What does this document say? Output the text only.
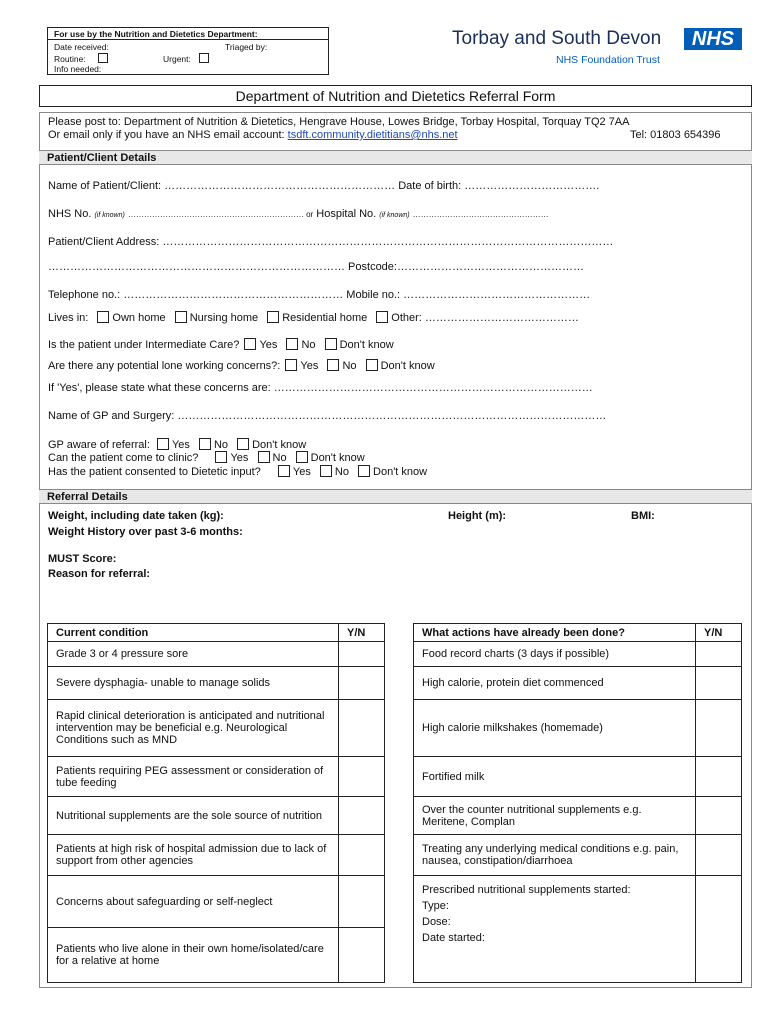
For use by the Nutrition and Dietetics Department:
Date received:	Triaged by:
Routine:	Urgent:
Info needed:
Torbay and South Devon	NHS
NHS Foundation Trust
Department of Nutrition and Dietetics Referral Form
Please post to: Department of Nutrition & Dietetics, Hengrave House, Lowes Bridge, Torbay Hospital, Torquay TQ2 7AA
Or email only if you have an NHS email account: tsdft.community.dietitians@nhs.net	Tel: 01803 654396
Patient/Client Details
Name of Patient/Client: ……………………………………………………… Date of birth: ……………………………….
NHS No. (if known) ………………………………………………………… or Hospital No. (if known) ……………………………………………
Patient/Client Address: ……………………………………………………………………………………………………………
……………………………………………………………………… Postcode:……………………………………………
Telephone no.: …………………………………………………… Mobile no.: ……………………………………………
Lives in: Own home Nursing home Residential home Other: ……………………………………
Is the patient under Intermediate Care? Yes No Don't know
Are there any potential lone working concerns?: Yes No Don't know
If 'Yes', please state what these concerns are: ……………………………………………………………………………
Name of GP and Surgery: ………………………………………………………………………………………………………
GP aware of referral: Yes No Don't know
Can the patient come to clinic?	Yes No Don't know
Has the patient consented to Dietetic input?	Yes No Don't know
Referral Details
Weight, including date taken (kg):	Height (m):	BMI:
Weight History over past 3-6 months:
MUST Score:
Reason for referral:
Current condition	Y/N
Grade 3 or 4 pressure sore	
Severe dysphagia- unable to manage solids	
Rapid clinical deterioration is anticipated and nutritional intervention may be beneficial e.g. Neurological Conditions such as MND	
Patients requiring PEG assessment or consideration of tube feeding	
Nutritional supplements are the sole source of nutrition	
Patients at high risk of hospital admission due to lack of support from other agencies	
Concerns about safeguarding or self-neglect	
Patients who live alone in their own home/isolated/care for a relative at home	
What actions have already been done?	Y/N
Food record charts (3 days if possible)	
High calorie, protein diet commenced	
High calorie milkshakes (homemade)	
Fortified milk	
Over the counter nutritional supplements e.g. Meritene, Complan	
Treating any underlying medical conditions e.g. pain, nausea, constipation/diarrhoea	

Prescribed nutritional supplements started:
Type:
Dose:
Date started:	
